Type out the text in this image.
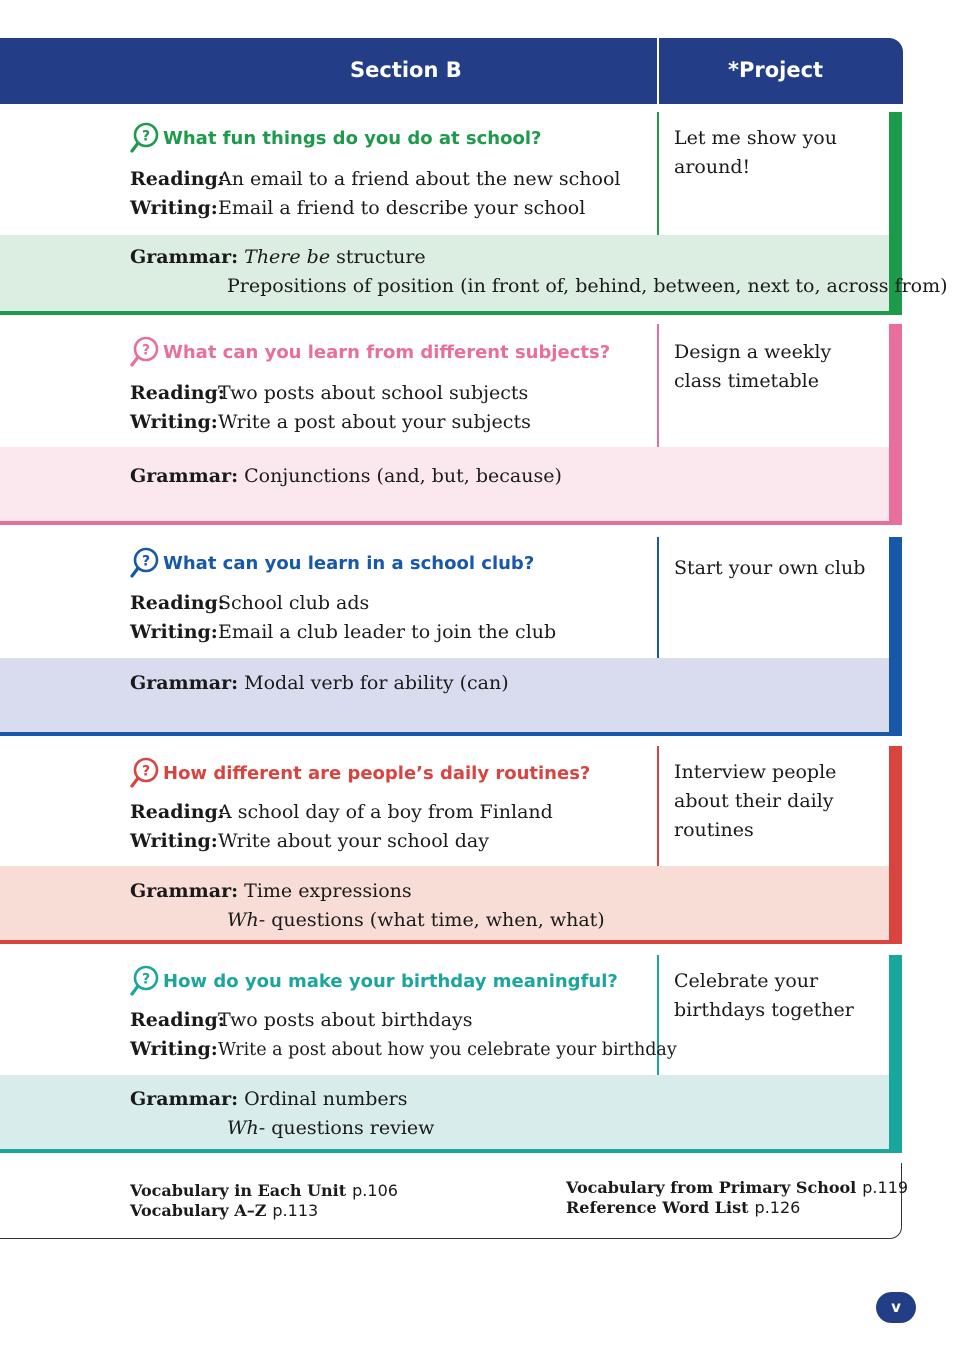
Section B	*Project
? What fun things do you do at school?
Reading:An email to a friend about the new school
Writing:Email a friend to describe your school
Grammar: There be structure
Prepositions of position (in front of, behind, between, next to, across from)
Let me show you around!
? What can you learn from different subjects?
Reading:Two posts about school subjects
Writing:Write a post about your subjects
Grammar: Conjunctions (and, but, because)
Design a weekly class timetable
? What can you learn in a school club?
Reading:School club ads
Writing:Email a club leader to join the club
Grammar: Modal verb for ability (can)
Start your own club
? How different are people’s daily routines?
Reading:A school day of a boy from Finland
Writing:Write about your school day
Grammar: Time expressions
Wh- questions (what time, when, what)
Interview people about their daily routines
? How do you make your birthday meaningful?
Reading:Two posts about birthdays
Writing:Write a post about how you celebrate your birthday
Grammar: Ordinal numbers
Wh- questions review
Celebrate your birthdays together
Vocabulary in Each Unit p.106
Vocabulary A–Z p.113
Vocabulary from Primary School p.119
Reference Word List p.126
v
